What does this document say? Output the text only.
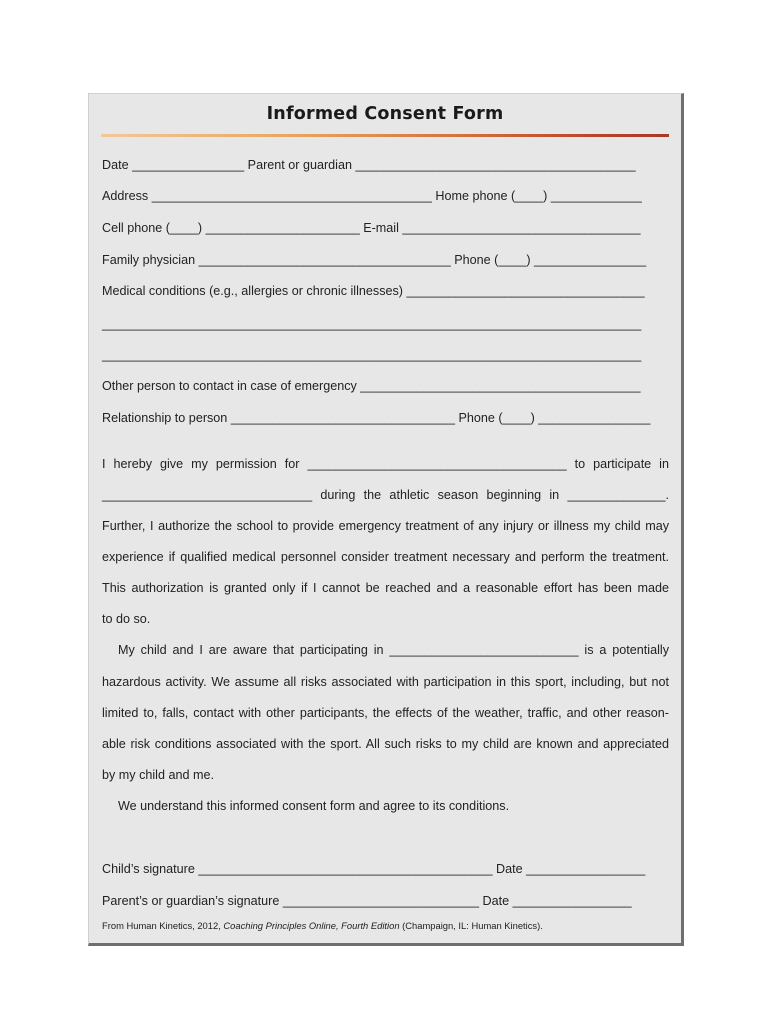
Informed Consent Form
Date ________________ Parent or guardian ________________________________________
Address ________________________________________ Home phone (____) _____________
Cell phone (____) ______________________ E-mail __________________________________
Family physician ____________________________________ Phone (____) ________________
Medical conditions (e.g., allergies or chronic illnesses) __________________________________
_____________________________________________________________________________
_____________________________________________________________________________
Other person to contact in case of emergency ________________________________________
Relationship to person ________________________________ Phone (____) ________________
I hereby give my permission for _____________________________________ to participate in
______________________________ during the athletic season beginning in ______________.
Further, I authorize the school to provide emergency treatment of any injury or illness my child may
experience if qualified medical personnel consider treatment necessary and perform the treatment.
This authorization is granted only if I cannot be reached and a reasonable effort has been made
to do so.
My child and I are aware that participating in ___________________________ is a potentially
hazardous activity. We assume all risks associated with participation in this sport, including, but not
limited to, falls, contact with other participants, the effects of the weather, traffic, and other reason-
able risk conditions associated with the sport. All such risks to my child are known and appreciated
by my child and me.
We understand this informed consent form and agree to its conditions.
Child’s signature __________________________________________ Date _________________
Parent’s or guardian’s signature ____________________________ Date _________________
From Human Kinetics, 2012, Coaching Principles Online, Fourth Edition (Champaign, IL: Human Kinetics).
